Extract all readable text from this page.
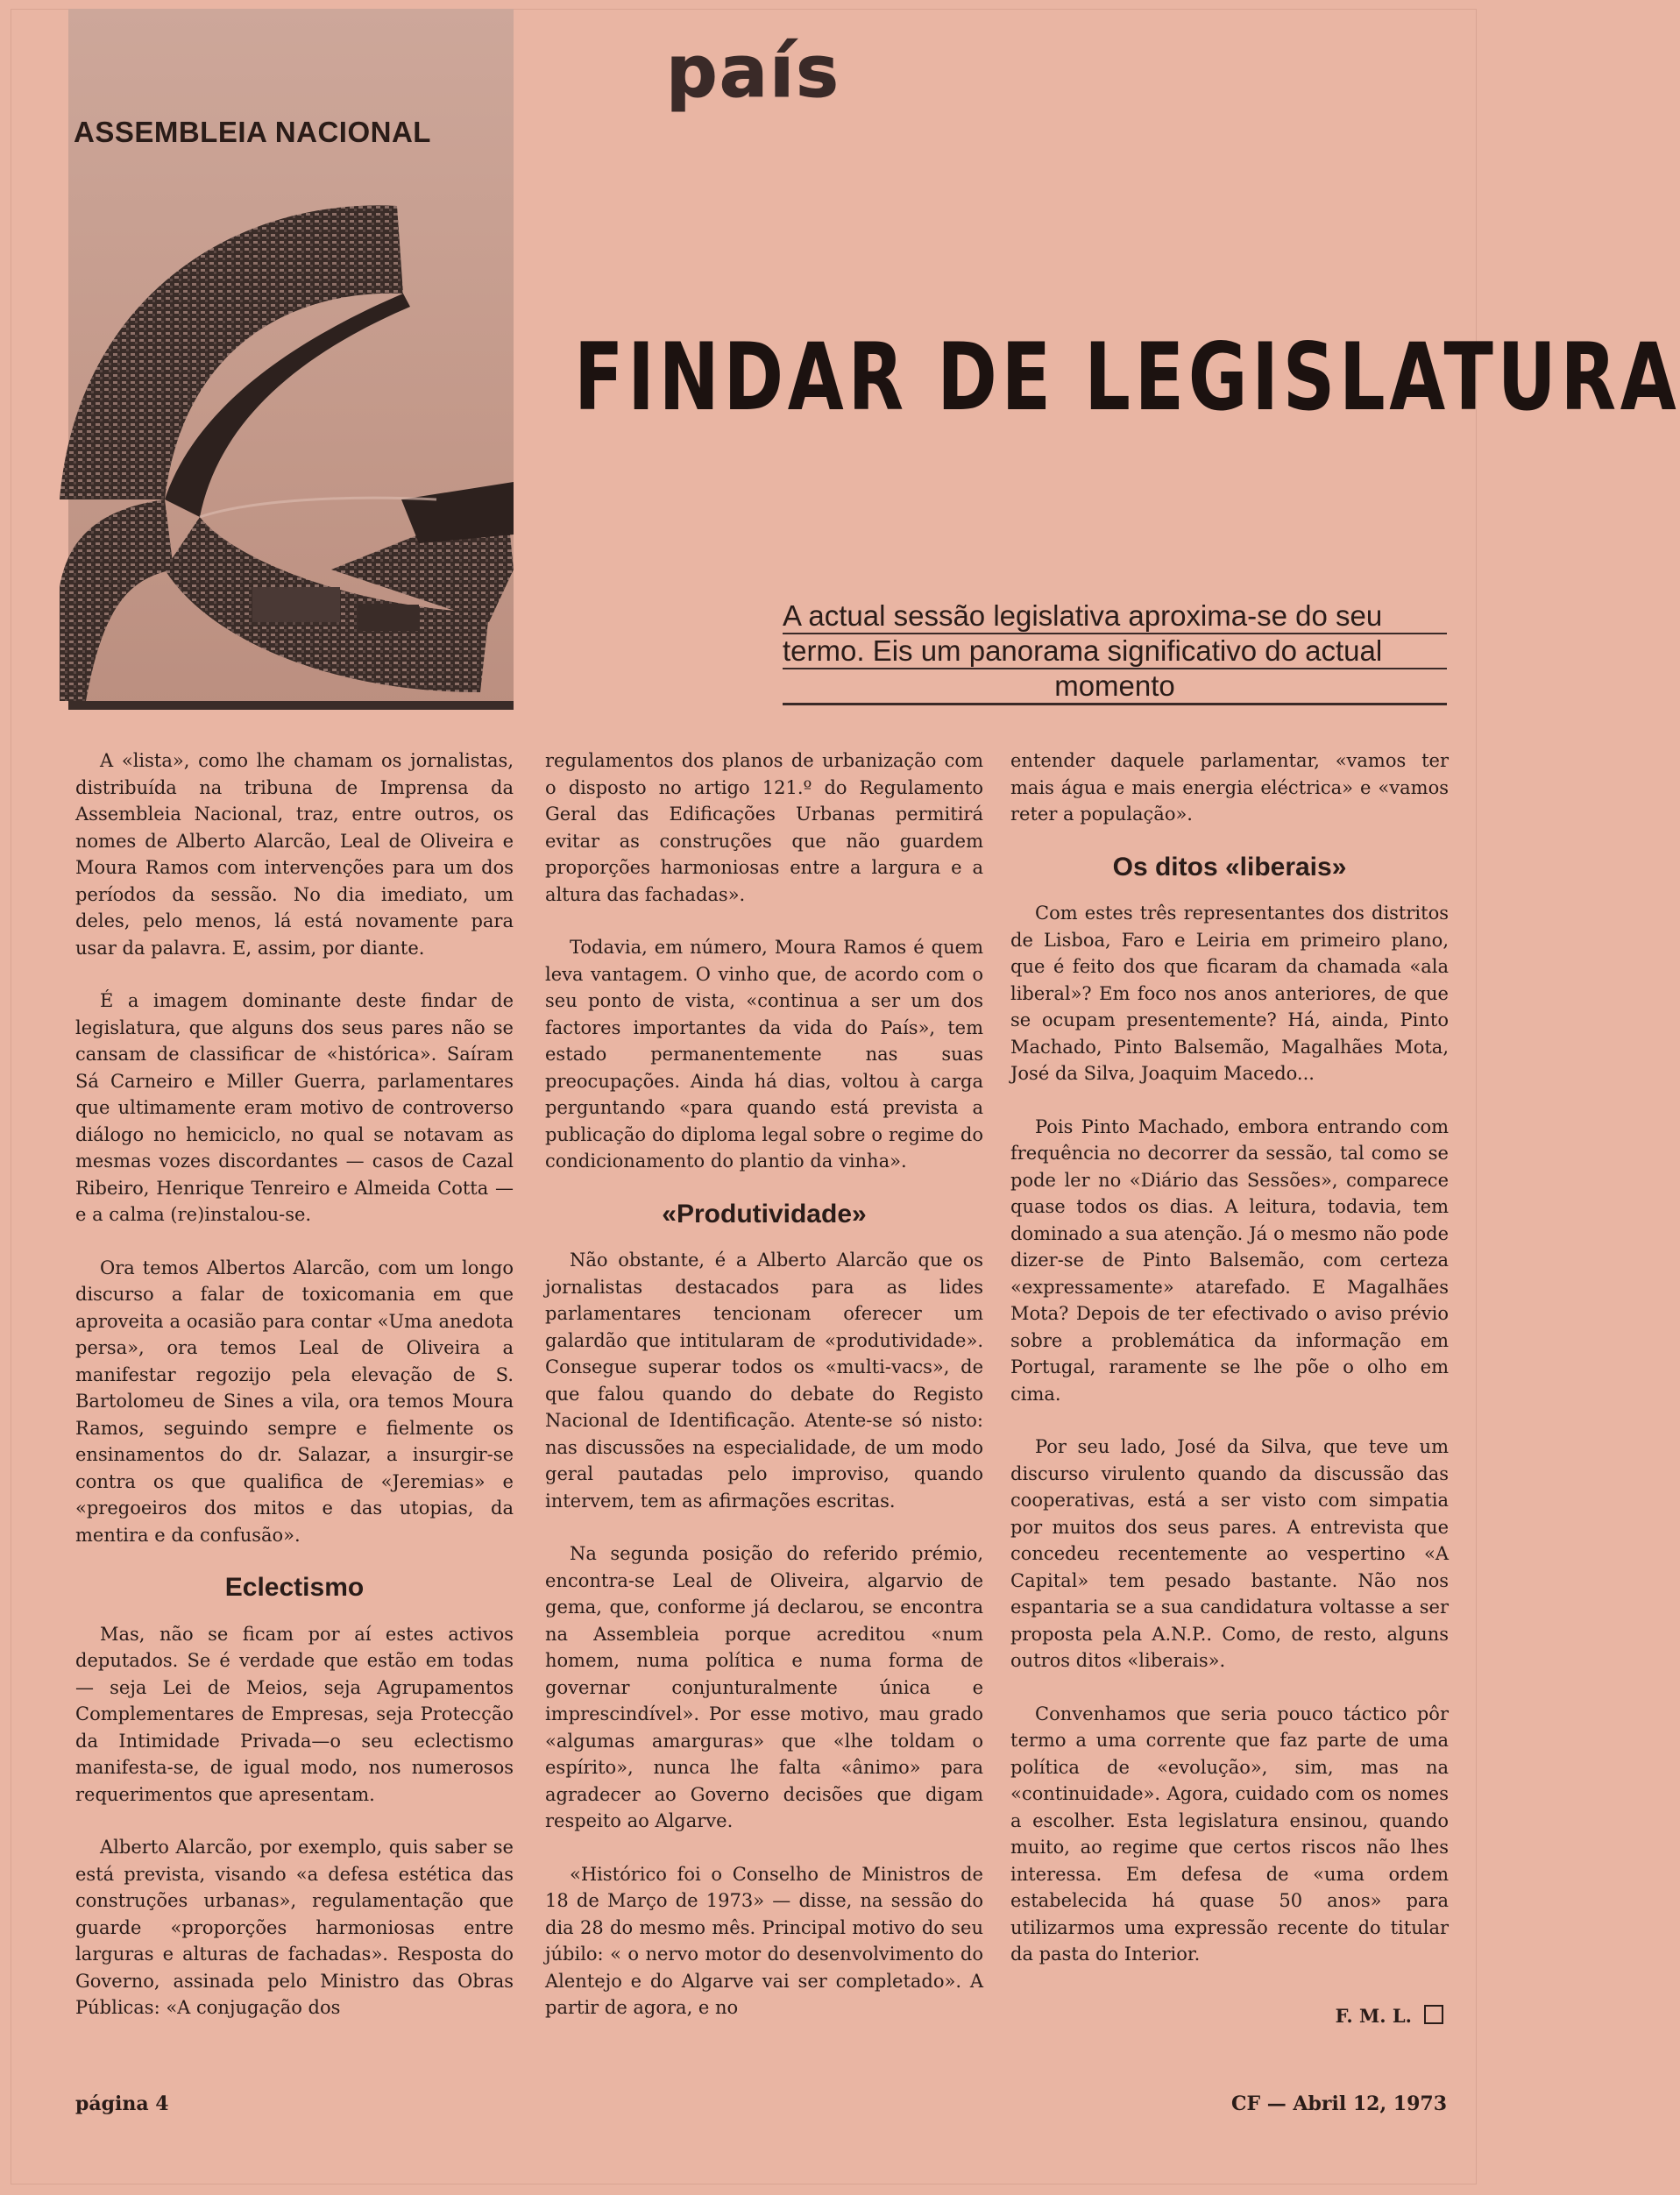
ASSEMBLEIA NACIONAL
país
FINDAR DE LEGISLATURA
A actual sessão legislativa aproxima-se do seu
termo. Eis um panorama significativo do actual
momento

A «lista», como lhe chamam os jornalistas, distribuída na tribuna de Imprensa da Assembleia Nacional, traz, entre outros, os nomes de Alberto Alarcão, Leal de Oliveira e Moura Ramos com intervenções para um dos períodos da sessão. No dia imediato, um deles, pelo menos, lá está novamente para usar da palavra. E, assim, por diante.

É a imagem dominante deste findar de legislatura, que alguns dos seus pares não se cansam de classificar de «histórica». Saíram Sá Carneiro e Miller Guerra, parlamentares que ultimamente eram motivo de controverso diálogo no hemiciclo, no qual se notavam as mesmas vozes discordantes — casos de Cazal Ribeiro, Henrique Tenreiro e Almeida Cotta — e a calma (re)instalou-se.

Ora temos Albertos Alarcão, com um longo discurso a falar de toxicomania em que aproveita a ocasião para contar «Uma anedota persa», ora temos Leal de Oliveira a manifestar regozijo pela elevação de S. Bartolomeu de Sines a vila, ora temos Moura Ramos, seguindo sempre e fielmente os ensinamentos do dr. Salazar, a insurgir-se contra os que qualifica de «Jeremias» e «pregoeiros dos mitos e das utopias, da mentira e da confusão».

Eclectismo

Mas, não se ficam por aí estes activos deputados. Se é verdade que estão em todas — seja Lei de Meios, seja Agrupamentos Complementares de Empresas, seja Protecção da Intimidade Privada—o seu eclectismo manifesta-se, de igual modo, nos numerosos requerimentos que apresentam.

Alberto Alarcão, por exemplo, quis saber se está prevista, visando «a defesa estética das construções urbanas», regulamentação que guarde «proporções harmoniosas entre larguras e alturas de fachadas». Resposta do Governo, assinada pelo Ministro das Obras Públicas: «A conjugação dos

regulamentos dos planos de urbanização com o disposto no artigo 121.º do Regulamento Geral das Edificações Urbanas permitirá evitar as construções que não guardem proporções harmoniosas entre a largura e a altura das fachadas».

Todavia, em número, Moura Ramos é quem leva vantagem. O vinho que, de acordo com o seu ponto de vista, «continua a ser um dos factores importantes da vida do País», tem estado permanentemente nas suas preocupações. Ainda há dias, voltou à carga perguntando «para quando está prevista a publicação do diploma legal sobre o regime do condicionamento do plantio da vinha».

«Produtividade»

Não obstante, é a Alberto Alarcão que os jornalistas destacados para as lides parlamentares tencionam oferecer um galardão que intitularam de «produtividade». Consegue superar todos os «multi-vacs», de que falou quando do debate do Registo Nacional de Identificação. Atente-se só nisto: nas discussões na especialidade, de um modo geral pautadas pelo improviso, quando intervem, tem as afirmações escritas.

Na segunda posição do referido prémio, encontra-se Leal de Oliveira, algarvio de gema, que, conforme já declarou, se encontra na Assembleia porque acreditou «num homem, numa política e numa forma de governar conjunturalmente única e imprescindível». Por esse motivo, mau grado «algumas amarguras» que «lhe toldam o espírito», nunca lhe falta «ânimo» para agradecer ao Governo decisões que digam respeito ao Algarve.

«Histórico foi o Conselho de Ministros de 18 de Março de 1973» — disse, na sessão do dia 28 do mesmo mês. Principal motivo do seu júbilo: « o nervo motor do desenvolvimento do Alentejo e do Algarve vai ser completado». A partir de agora, e no

entender daquele parlamentar, «vamos ter mais água e mais energia eléctrica» e «vamos reter a população».

Os ditos «liberais»

Com estes três representantes dos distritos de Lisboa, Faro e Leiria em primeiro plano, que é feito dos que ficaram da chamada «ala liberal»? Em foco nos anos anteriores, de que se ocupam presentemente? Há, ainda, Pinto Machado, Pinto Balsemão, Magalhães Mota, José da Silva, Joaquim Macedo...

Pois Pinto Machado, embora entrando com frequência no decorrer da sessão, tal como se pode ler no «Diário das Sessões», comparece quase todos os dias. A leitura, todavia, tem dominado a sua atenção. Já o mesmo não pode dizer-se de Pinto Balsemão, com certeza «expressamente» atarefado. E Magalhães Mota? Depois de ter efectivado o aviso prévio sobre a problemática da informação em Portugal, raramente se lhe põe o olho em cima.

Por seu lado, José da Silva, que teve um discurso virulento quando da discussão das cooperativas, está a ser visto com simpatia por muitos dos seus pares. A entrevista que concedeu recentemente ao vespertino «A Capital» tem pesado bastante. Não nos espantaria se a sua candidatura voltasse a ser proposta pela A.N.P.. Como, de resto, alguns outros ditos «liberais».

Convenhamos que seria pouco táctico pôr termo a uma corrente que faz parte de uma política de «evolução», sim, mas na «continuidade». Agora, cuidado com os nomes a escolher. Esta legislatura ensinou, quando muito, ao regime que certos riscos não lhes interessa. Em defesa de «uma ordem estabelecida há quase 50 anos» para utilizarmos uma expressão recente do titular da pasta do Interior.

F. M. L.
página 4	CF — Abril 12, 1973
